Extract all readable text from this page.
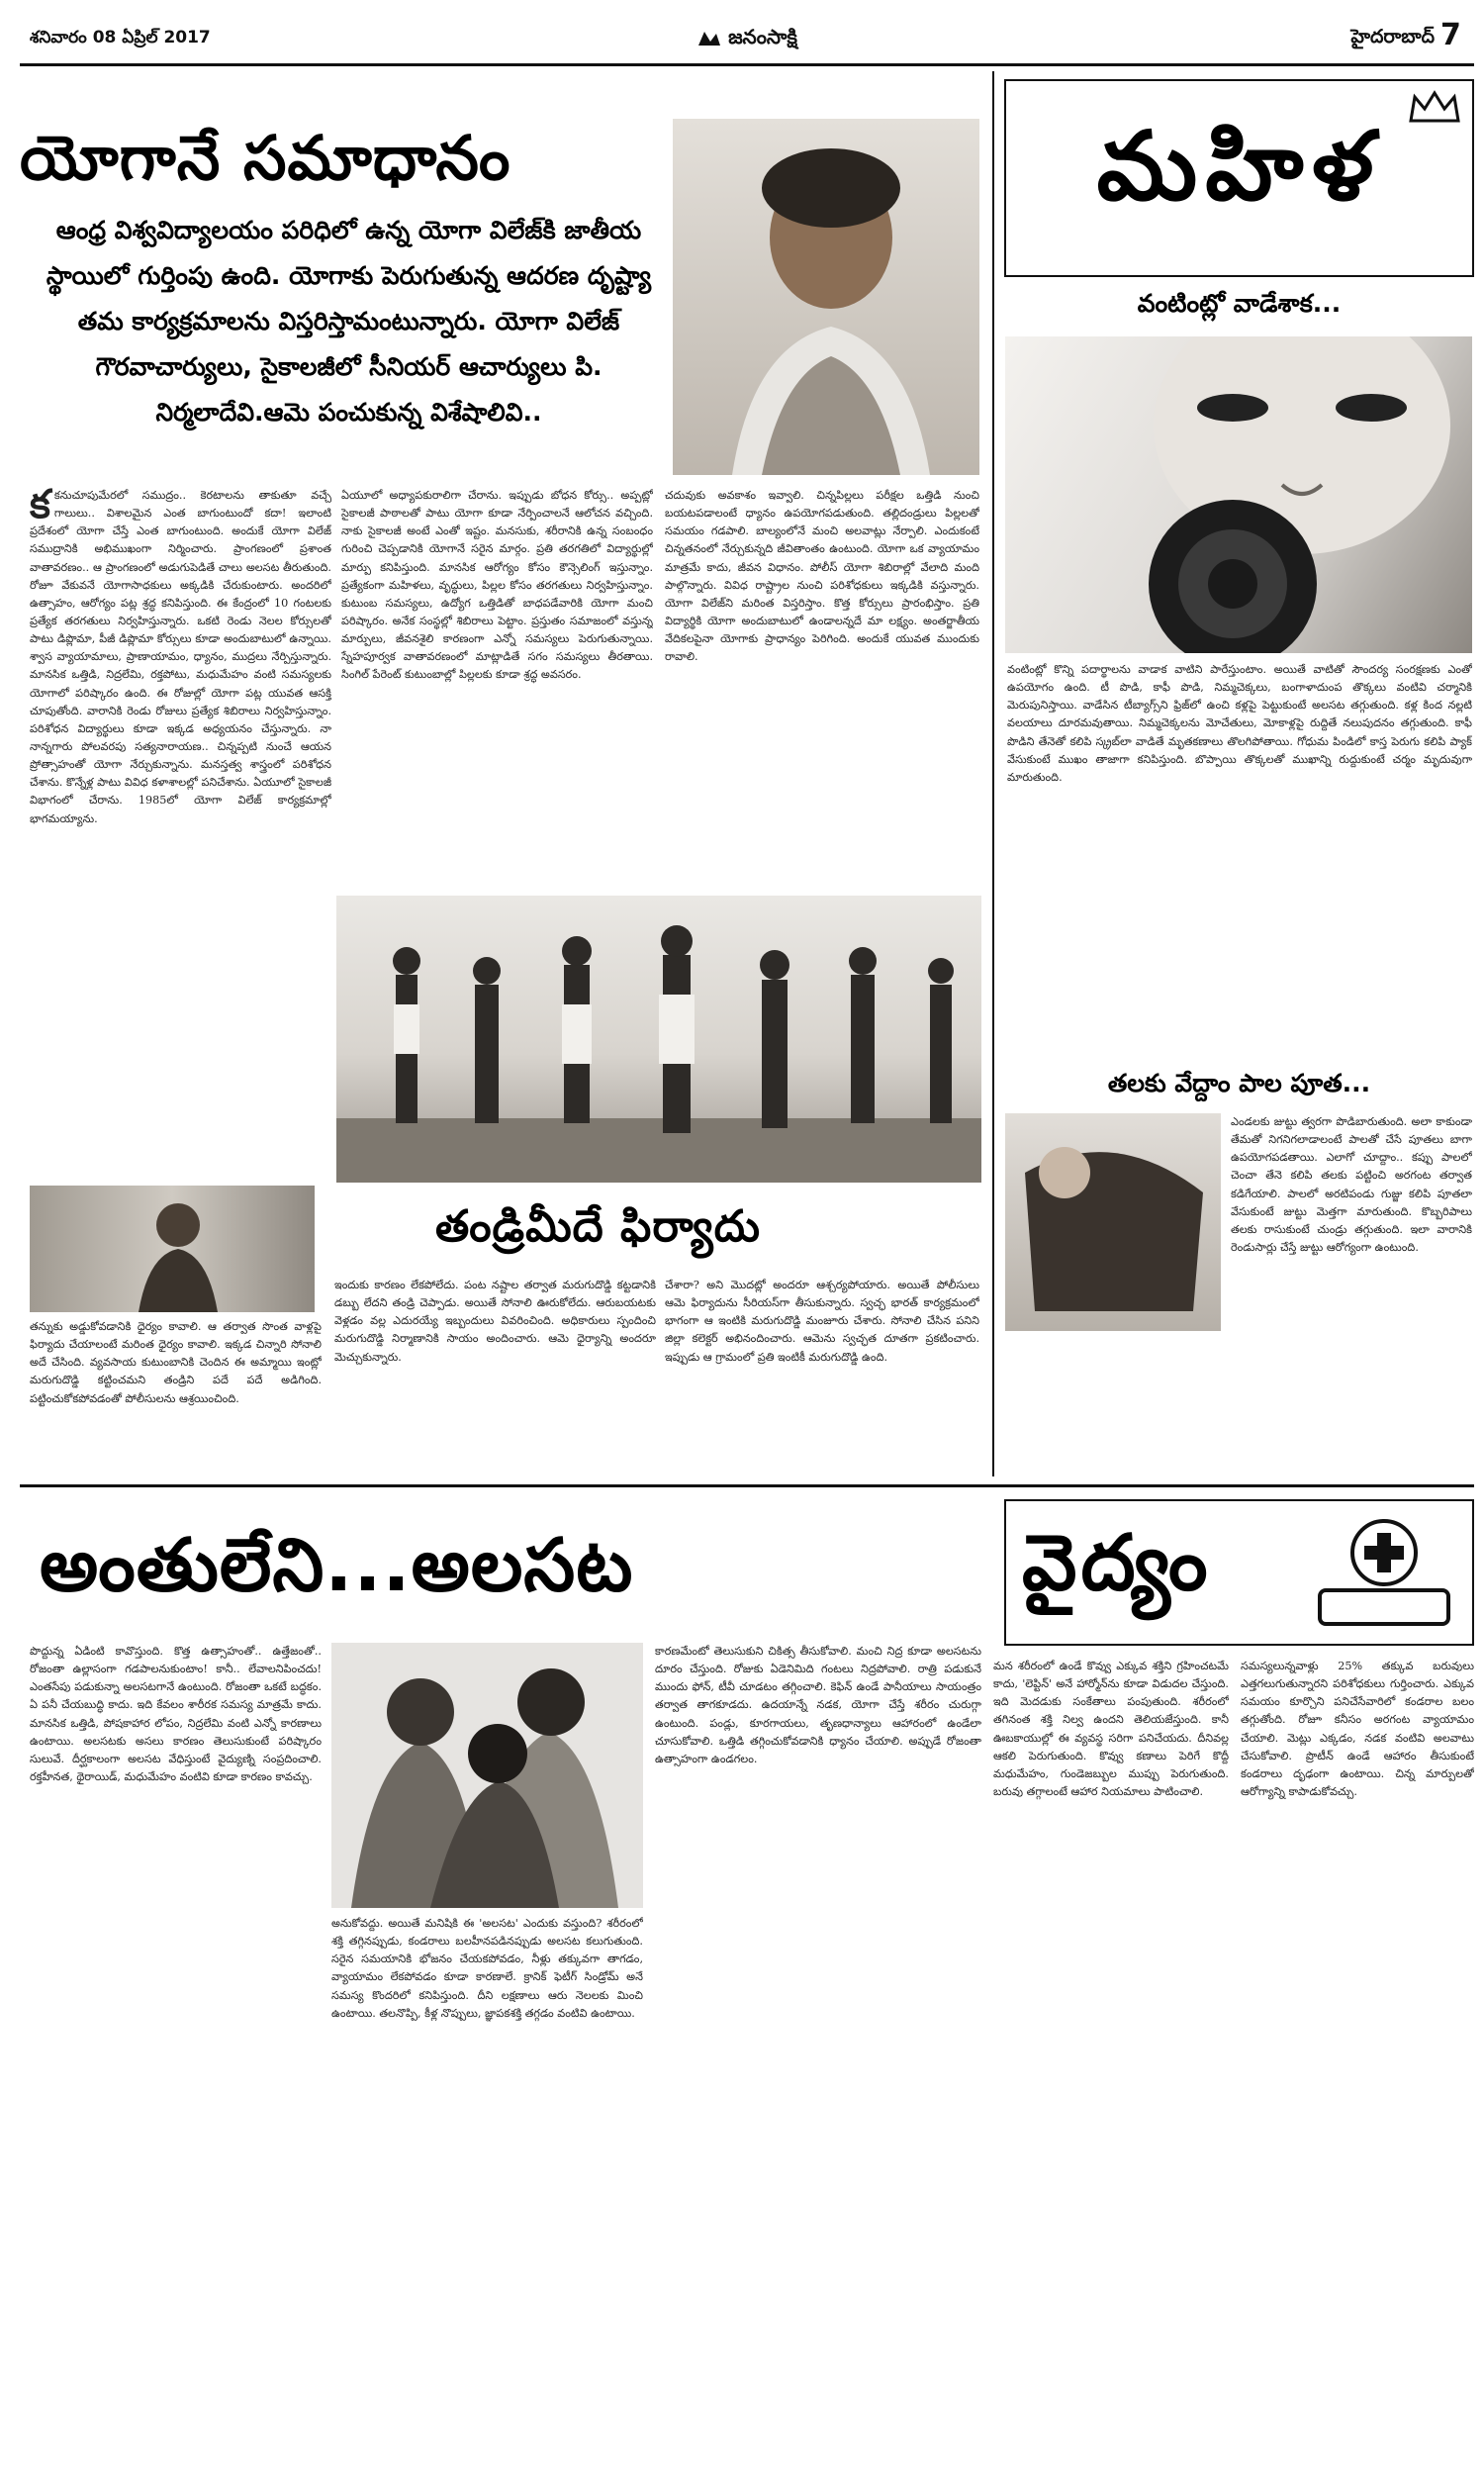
శనివారం 08 ఏప్రిల్ 2017	జనంసాక్షి	హైదరాబాద్ 7
యోగానే సమాధానం
ఆంధ్ర విశ్వవిద్యాలయం పరిధిలో ఉన్న యోగా విలేజ్‌కి జాతీయ స్థాయిలో గుర్తింపు ఉంది. యోగాకు పెరుగుతున్న ఆదరణ దృష్ట్యా తమ కార్యక్రమాలను విస్తరిస్తామంటున్నారు. యోగా విలేజ్ గౌరవాచార్యులు, సైకాలజీలో సీనియర్ ఆచార్యులు పి. నిర్మలాదేవి.ఆమె పంచుకున్న విశేషాలివి..
కకనుచూపుమేరలో సముద్రం.. కెరటాలను తాకుతూ వచ్చే గాలులు.. విశాలమైన ఎంత బాగుంటుందో కదా! ఇలాంటి ప్రదేశంలో యోగా చేస్తే ఎంత బాగుంటుంది. అందుకే యోగా విలేజ్ సముద్రానికి అభిముఖంగా నిర్మించారు. ప్రాంగణంలో ప్రశాంత వాతావరణం.. ఆ ప్రాంగణంలో అడుగుపెడితే చాలు అలసట తీరుతుంది. రోజూ వేకువనే యోగాసాధకులు అక్కడికి చేరుకుంటారు. అందరిలో ఉత్సాహం, ఆరోగ్యం పట్ల శ్రద్ధ కనిపిస్తుంది. ఈ కేంద్రంలో 10 గంటలకు ప్రత్యేక తరగతులు నిర్వహిస్తున్నారు. ఒకటి రెండు నెలల కోర్సులతో పాటు డిప్లొమా, పీజీ డిప్లొమా కోర్సులు కూడా అందుబాటులో ఉన్నాయి. శ్వాస వ్యాయామాలు, ప్రాణాయామం, ధ్యానం, ముద్రలు నేర్పిస్తున్నారు. మానసిక ఒత్తిడి, నిద్రలేమి, రక్తపోటు, మధుమేహం వంటి సమస్యలకు యోగాలో పరిష్కారం ఉంది. ఈ రోజుల్లో యోగా పట్ల యువత ఆసక్తి చూపుతోంది. వారానికి రెండు రోజులు ప్రత్యేక శిబిరాలు నిర్వహిస్తున్నాం. పరిశోధన విద్యార్థులు కూడా ఇక్కడ అధ్యయనం చేస్తున్నారు. నా నాన్నగారు పోలవరపు సత్యనారాయణ.. చిన్నప్పటి నుంచే ఆయన ప్రోత్సాహంతో యోగా నేర్చుకున్నాను. మనస్తత్వ శాస్త్రంలో పరిశోధన చేశాను. కొన్నేళ్ల పాటు వివిధ కళాశాలల్లో పనిచేశాను. ఏయూలో సైకాలజీ విభాగంలో చేరాను. 1985లో యోగా విలేజ్ కార్యక్రమాల్లో భాగమయ్యాను.
ఏయూలో అధ్యాపకురాలిగా చేరాను. ఇప్పుడు బోధన కోర్సు.. అప్పట్లో సైకాలజీ పాఠాలతో పాటు యోగా కూడా నేర్పించాలనే ఆలోచన వచ్చింది. నాకు సైకాలజీ అంటే ఎంతో ఇష్టం. మనసుకు, శరీరానికి ఉన్న సంబంధం గురించి చెప్పడానికి యోగానే సరైన మార్గం. ప్రతి తరగతిలో విద్యార్థుల్లో మార్పు కనిపిస్తుంది. మానసిక ఆరోగ్యం కోసం కౌన్సెలింగ్ ఇస్తున్నాం. ప్రత్యేకంగా మహిళలు, వృద్ధులు, పిల్లల కోసం తరగతులు నిర్వహిస్తున్నాం. కుటుంబ సమస్యలు, ఉద్యోగ ఒత్తిడితో బాధపడేవారికి యోగా మంచి పరిష్కారం. అనేక సంస్థల్లో శిబిరాలు పెట్టాం. ప్రస్తుతం సమాజంలో వస్తున్న మార్పులు, జీవనశైలి కారణంగా ఎన్నో సమస్యలు పెరుగుతున్నాయి. స్నేహపూర్వక వాతావరణంలో మాట్లాడితే సగం సమస్యలు తీరతాయి. సింగిల్ పేరెంట్ కుటుంబాల్లో పిల్లలకు కూడా శ్రద్ధ అవసరం.
చదువుకు అవకాశం ఇవ్వాలి. చిన్నపిల్లలు పరీక్షల ఒత్తిడి నుంచి బయటపడాలంటే ధ్యానం ఉపయోగపడుతుంది. తల్లిదండ్రులు పిల్లలతో సమయం గడపాలి. బాల్యంలోనే మంచి అలవాట్లు నేర్పాలి. ఎందుకంటే చిన్నతనంలో నేర్చుకున్నది జీవితాంతం ఉంటుంది. యోగా ఒక వ్యాయామం మాత్రమే కాదు, జీవన విధానం. పోలీస్ యోగా శిబిరాల్లో వేలాది మంది పాల్గొన్నారు. వివిధ రాష్ట్రాల నుంచి పరిశోధకులు ఇక్కడికి వస్తున్నారు. యోగా విలేజ్‌ని మరింత విస్తరిస్తాం. కొత్త కోర్సులు ప్రారంభిస్తాం. ప్రతి విద్యార్థికి యోగా అందుబాటులో ఉండాలన్నదే మా లక్ష్యం. అంతర్జాతీయ వేదికలపైనా యోగాకు ప్రాధాన్యం పెరిగింది. అందుకే యువత ముందుకు రావాలి.
తండ్రిమీదే ఫిర్యాదు
తన్నుకు అడ్డుకోవడానికి ధైర్యం కావాలి. ఆ తర్వాత సొంత వాళ్లపై ఫిర్యాదు చేయాలంటే మరింత ధైర్యం కావాలి. ఇక్కడ చిన్నారి సోనాలి అదే చేసింది. వ్యవసాయ కుటుంబానికి చెందిన ఈ అమ్మాయి ఇంట్లో మరుగుదొడ్డి కట్టించమని తండ్రిని పదే పదే అడిగింది. పట్టించుకోకపోవడంతో పోలీసులను ఆశ్రయించింది.
ఇందుకు కారణం లేకపోలేదు. పంట నష్టాల తర్వాత మరుగుదొడ్డి కట్టడానికి డబ్బు లేదని తండ్రి చెప్పాడు. అయితే సోనాలి ఊరుకోలేదు. ఆరుబయటకు వెళ్లడం వల్ల ఎదురయ్యే ఇబ్బందులు వివరించింది. అధికారులు స్పందించి మరుగుదొడ్డి నిర్మాణానికి సాయం అందించారు. ఆమె ధైర్యాన్ని అందరూ మెచ్చుకున్నారు.
చేశారా? అని మొదట్లో అందరూ ఆశ్చర్యపోయారు. అయితే పోలీసులు ఆమె ఫిర్యాదును సీరియస్‌గా తీసుకున్నారు. స్వచ్ఛ భారత్ కార్యక్రమంలో భాగంగా ఆ ఇంటికి మరుగుదొడ్డి మంజూరు చేశారు. సోనాలి చేసిన పనిని జిల్లా కలెక్టర్ అభినందించారు. ఆమెను స్వచ్ఛత దూతగా ప్రకటించారు. ఇప్పుడు ఆ గ్రామంలో ప్రతి ఇంటికీ మరుగుదొడ్డి ఉంది.
మహిళ
వంటింట్లో వాడేశాక...
వంటింట్లో కొన్ని పదార్థాలను వాడాక వాటిని పారేస్తుంటాం. అయితే వాటితో సౌందర్య సంరక్షణకు ఎంతో ఉపయోగం ఉంది. టీ పొడి, కాఫీ పొడి, నిమ్మచెక్కలు, బంగాళాదుంప తొక్కలు వంటివి చర్మానికి మెరుపునిస్తాయి. వాడేసిన టీబ్యాగ్స్‌ని ఫ్రిజ్‌లో ఉంచి కళ్లపై పెట్టుకుంటే అలసట తగ్గుతుంది. కళ్ల కింద నల్లటి వలయాలు దూరమవుతాయి. నిమ్మచెక్కలను మోచేతులు, మోకాళ్లపై రుద్దితే నలుపుదనం తగ్గుతుంది. కాఫీ పొడిని తేనెతో కలిపి స్క్రబ్‌లా వాడితే మృతకణాలు తొలగిపోతాయి. గోధుమ పిండిలో కాస్త పెరుగు కలిపి ప్యాక్ వేసుకుంటే ముఖం తాజాగా కనిపిస్తుంది. బొప్పాయి తొక్కలతో ముఖాన్ని రుద్దుకుంటే చర్మం మృదువుగా మారుతుంది.
తలకు వేద్దాం పాల పూత...
ఎండలకు జుట్టు త్వరగా పొడిబారుతుంది. అలా కాకుండా తేమతో నిగనిగలాడాలంటే పాలతో చేసే పూతలు బాగా ఉపయోగపడతాయి. ఎలాగో చూద్దాం.. కప్పు పాలలో చెంచా తేనె కలిపి తలకు పట్టించి అరగంట తర్వాత కడిగేయాలి. పాలలో అరటిపండు గుజ్జు కలిపి పూతలా వేసుకుంటే జుట్టు మెత్తగా మారుతుంది. కొబ్బరిపాలు తలకు రాసుకుంటే చుండ్రు తగ్గుతుంది. ఇలా వారానికి రెండుసార్లు చేస్తే జుట్టు ఆరోగ్యంగా ఉంటుంది.
అంతులేని...అలసట
పొద్దున్న ఏడింటి కావొస్తుంది. కొత్త ఉత్సాహంతో.. ఉత్తేజంతో.. రోజంతా ఉల్లాసంగా గడపాలనుకుంటాం! కానీ.. లేవాలనిపించదు! ఎంతసేపు పడుకున్నా అలసటగానే ఉంటుంది. రోజంతా ఒకటే బద్ధకం. ఏ పనీ చేయబుద్ధి కాదు. ఇది కేవలం శారీరక సమస్య మాత్రమే కాదు. మానసిక ఒత్తిడి, పోషకాహార లోపం, నిద్రలేమి వంటి ఎన్నో కారణాలు ఉంటాయి. అలసటకు అసలు కారణం తెలుసుకుంటే పరిష్కారం సులువే. దీర్ఘకాలంగా అలసట వేధిస్తుంటే వైద్యుణ్ని సంప్రదించాలి. రక్తహీనత, థైరాయిడ్, మధుమేహం వంటివి కూడా కారణం కావచ్చు.
అనుకోవద్దు. అయితే మనిషికి ఈ 'అలసట' ఎందుకు వస్తుంది? శరీరంలో శక్తి తగ్గినప్పుడు, కండరాలు బలహీనపడినప్పుడు అలసట కలుగుతుంది. సరైన సమయానికి భోజనం చేయకపోవడం, నీళ్లు తక్కువగా తాగడం, వ్యాయామం లేకపోవడం కూడా కారణాలే. క్రానిక్ ఫెటీగ్ సిండ్రోమ్ అనే సమస్య కొందరిలో కనిపిస్తుంది. దీని లక్షణాలు ఆరు నెలలకు మించి ఉంటాయి. తలనొప్పి, కీళ్ల నొప్పులు, జ్ఞాపకశక్తి తగ్గడం వంటివి ఉంటాయి.
కారణమేంటో తెలుసుకుని చికిత్స తీసుకోవాలి. మంచి నిద్ర కూడా అలసటను దూరం చేస్తుంది. రోజుకు ఏడెనిమిది గంటలు నిద్రపోవాలి. రాత్రి పడుకునే ముందు ఫోన్, టీవీ చూడటం తగ్గించాలి. కెఫిన్ ఉండే పానీయాలు సాయంత్రం తర్వాత తాగకూడదు. ఉదయాన్నే నడక, యోగా చేస్తే శరీరం చురుగ్గా ఉంటుంది. పండ్లు, కూరగాయలు, తృణధాన్యాలు ఆహారంలో ఉండేలా చూసుకోవాలి. ఒత్తిడి తగ్గించుకోవడానికి ధ్యానం చేయాలి. అప్పుడే రోజంతా ఉత్సాహంగా ఉండగలం.
వైద్యం
మన శరీరంలో ఉండే కొవ్వు ఎక్కువ శక్తిని గ్రహించటమే కాదు, 'లెప్టిన్' అనే హార్మోన్‌ను కూడా విడుదల చేస్తుంది. ఇది మెదడుకు సంకేతాలు పంపుతుంది. శరీరంలో తగినంత శక్తి నిల్వ ఉందని తెలియజేస్తుంది. కానీ ఊబకాయుల్లో ఈ వ్యవస్థ సరిగా పనిచేయదు. దీనివల్ల ఆకలి పెరుగుతుంది. కొవ్వు కణాలు పెరిగే కొద్దీ మధుమేహం, గుండెజబ్బుల ముప్పు పెరుగుతుంది. బరువు తగ్గాలంటే ఆహార నియమాలు పాటించాలి.
సమస్యలున్నవాళ్లు 25% తక్కువ బరువులు ఎత్తగలుగుతున్నారని పరిశోధకులు గుర్తించారు. ఎక్కువ సమయం కూర్చొని పనిచేసేవారిలో కండరాల బలం తగ్గుతోంది. రోజూ కనీసం అరగంట వ్యాయామం చేయాలి. మెట్లు ఎక్కడం, నడక వంటివి అలవాటు చేసుకోవాలి. ప్రొటీన్ ఉండే ఆహారం తీసుకుంటే కండరాలు దృఢంగా ఉంటాయి. చిన్న మార్పులతో ఆరోగ్యాన్ని కాపాడుకోవచ్చు.
